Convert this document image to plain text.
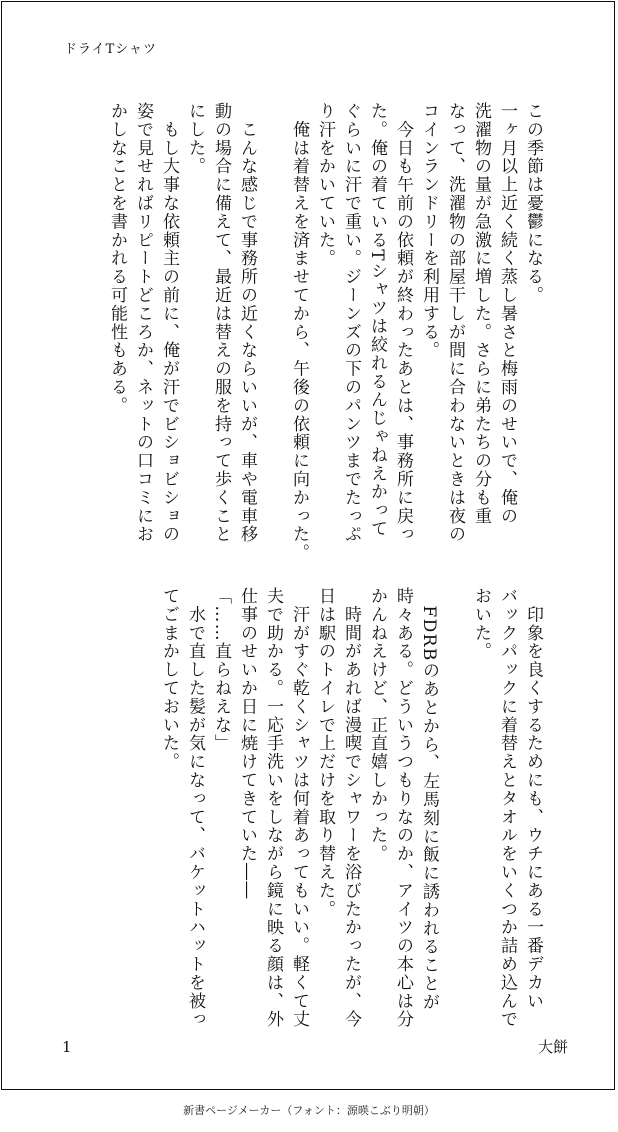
ドライTシャツ
この季節は憂鬱になる。
一ヶ月以上近く続く蒸し暑さと梅雨のせいで、俺の
洗濯物の量が急激に増した。さらに弟たちの分も重
なって、洗濯物の部屋干しが間に合わないときは夜の
コインランドリーを利用する。
　今日も午前の依頼が終わったあとは、事務所に戻っ
た。俺の着ているTシャツは絞れるんじゃねえかって
ぐらいに汗で重い。ジーンズの下のパンツまでたっぷ
り汗をかいていた。
　俺は着替えを済ませてから、午後の依頼に向かった。

　こんな感じで事務所の近くならいいが、車や電車移
動の場合に備えて、最近は替えの服を持って歩くこと
にした。
　もし大事な依頼主の前に、俺が汗でビショビショの
姿で見せればリピートどころか、ネットの口コミにお
かしなことを書かれる可能性もある。
　印象を良くするためにも、ウチにある一番デカい
バックパックに着替えとタオルをいくつか詰め込んで
おいた。

　FDRBのあとから、左馬刻に飯に誘われることが
時々ある。どういうつもりなのか、アイツの本心は分
かんねえけど、正直嬉しかった。
　時間があれば漫喫でシャワーを浴びたかったが、今
日は駅のトイレで上だけを取り替えた。
　汗がすぐ乾くシャツは何着あってもいい。軽くて丈
夫で助かる。一応手洗いをしながら鏡に映る顔は、外
仕事のせいか日に焼けてきていた――
「……直らねえな」
　水で直した髪が気になって、バケットハットを被っ
てごまかしておいた。
1	大餅
新書ページメーカー（フォント：源暎こぶり明朝）
